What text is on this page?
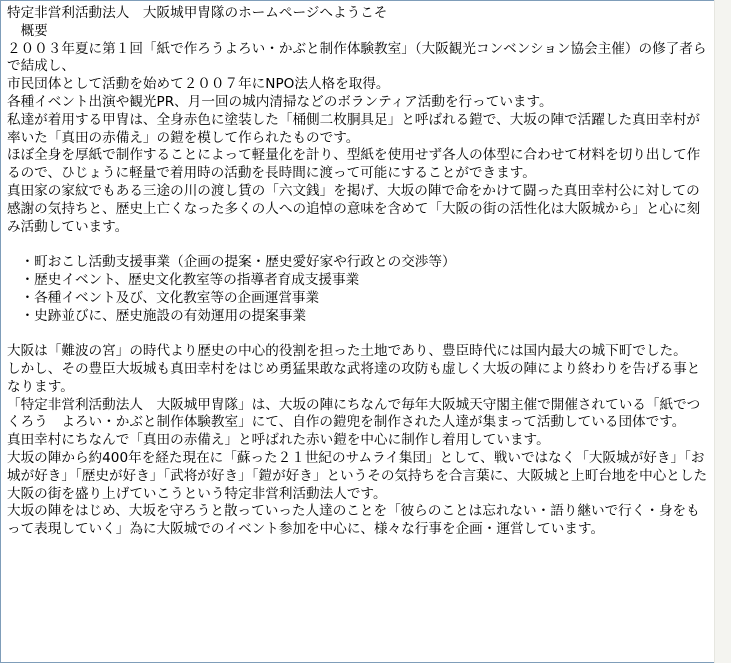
特定非営利活動法人　大阪城甲冑隊のホームページへようこそ
　概要
２００３年夏に第１回「紙で作ろうよろい・かぶと制作体験教室」（大阪観光コンベンション協会主催）の修了者らで結成し、
市民団体として活動を始めて２００７年にNPO法人格を取得。
各種イベント出演や観光PR、月一回の城内清掃などのボランティア活動を行っています。
私達が着用する甲冑は、全身赤色に塗装した「桶側二枚胴具足」と呼ばれる鎧で、大坂の陣で活躍した真田幸村が率いた「真田の赤備え」の鎧を模して作られたものです。
ほぼ全身を厚紙で制作することによって軽量化を計り、型紙を使用せず各人の体型に合わせて材料を切り出して作るので、ひじょうに軽量で着用時の活動を長時間に渡って可能にすることができます。
真田家の家紋でもある三途の川の渡し賃の「六文銭」を掲げ、大坂の陣で命をかけて闘った真田幸村公に対しての感謝の気持ちと、歴史上亡くなった多くの人への追悼の意味を含めて「大阪の街の活性化は大阪城から」と心に刻み活動しています。
　・町おこし活動支援事業（企画の提案・歴史愛好家や行政との交渉等）
　・歴史イベント、歴史文化教室等の指導者育成支援事業
　・各種イベント及び、文化教室等の企画運営事業
　・史跡並びに、歴史施設の有効運用の提案事業
大阪は「難波の宮」の時代より歴史の中心的役割を担った土地であり、豊臣時代には国内最大の城下町でした。
しかし、その豊臣大坂城も真田幸村をはじめ勇猛果敢な武将達の攻防も虚しく大坂の陣により終わりを告げる事となります。
「特定非営利活動法人　大阪城甲冑隊」は、大坂の陣にちなんで毎年大阪城天守閣主催で開催されている「紙でつくろう　よろい・かぶと制作体験教室」にて、自作の鎧兜を制作された人達が集まって活動している団体です。
真田幸村にちなんで「真田の赤備え」と呼ばれた赤い鎧を中心に制作し着用しています。
大坂の陣から約400年を経た現在に「蘇った２１世紀のサムライ集団」として、戦いではなく「大阪城が好き」「お城が好き」「歴史が好き」「武将が好き」「鎧が好き」というその気持ちを合言葉に、大阪城と上町台地を中心とした大阪の街を盛り上げていこうという特定非営利活動法人です。
大坂の陣をはじめ、大坂を守ろうと散っていった人達のことを「彼らのことは忘れない・語り継いで行く・身をもって表現していく」為に大阪城でのイベント参加を中心に、様々な行事を企画・運営しています。
